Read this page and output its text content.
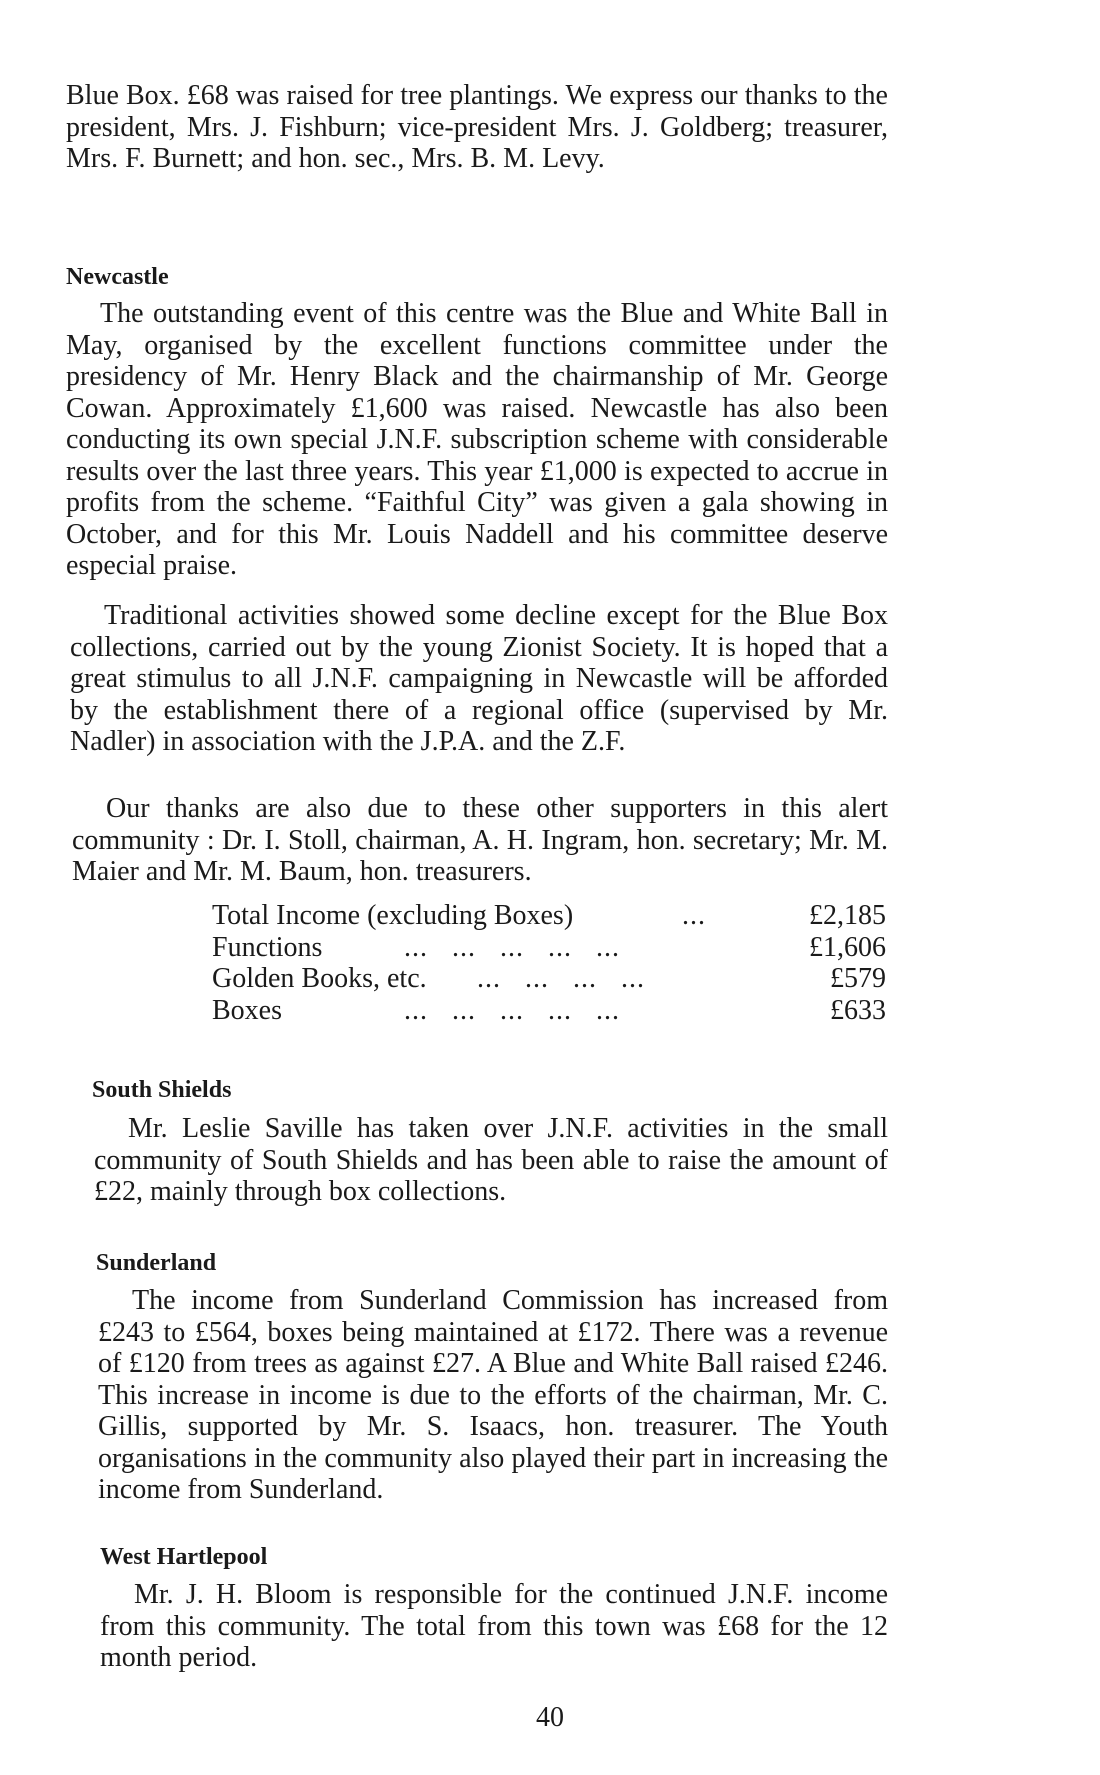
Blue Box. £68 was raised for tree plantings. We express our thanks to the president, Mrs. J. Fishburn; vice-president Mrs. J. Goldberg; treasurer, Mrs. F. Burnett; and hon. sec., Mrs. B. M. Levy.

Newcastle

The outstanding event of this centre was the Blue and White Ball in May, organised by the excellent functions committee under the presidency of Mr. Henry Black and the chairmanship of Mr. George Cowan. Approximately £1,600 was raised. Newcastle has also been conducting its own special J.N.F. subscription scheme with considerable results over the last three years. This year £1,000 is expected to accrue in profits from the scheme. “Faithful City” was given a gala showing in October, and for this Mr. Louis Naddell and his committee deserve especial praise.

Traditional activities showed some decline except for the Blue Box collections, carried out by the young Zionist Society. It is hoped that a great stimulus to all J.N.F. campaigning in Newcastle will be afforded by the establishment there of a regional office (supervised by Mr. Nadler) in association with the J.P.A. and the Z.F.

Our thanks are also due to these other supporters in this alert community : Dr. I. Stoll, chairman, A. H. Ingram, hon. secretary; Mr. M. Maier and Mr. M. Baum, hon. treasurers.

Total Income (excluding Boxes)	...	£2,185
Functions	...   ...   ...   ...   ...	£1,606
Golden Books, etc. ...   ...   ...   ...	£579
Boxes	...   ...   ...   ...   ...	£633
South Shields

Mr. Leslie Saville has taken over J.N.F. activities in the small community of South Shields and has been able to raise the amount of £22, mainly through box collections.

Sunderland

The income from Sunderland Commission has increased from £243 to £564, boxes being maintained at £172. There was a revenue of £120 from trees as against £27. A Blue and White Ball raised £246. This increase in income is due to the efforts of the chairman, Mr. C. Gillis, supported by Mr. S. Isaacs, hon. treasurer. The Youth organisations in the community also played their part in increasing the income from Sunderland.

West Hartlepool

Mr. J. H. Bloom is responsible for the continued J.N.F. income from this community. The total from this town was £68 for the 12 month period.

40
